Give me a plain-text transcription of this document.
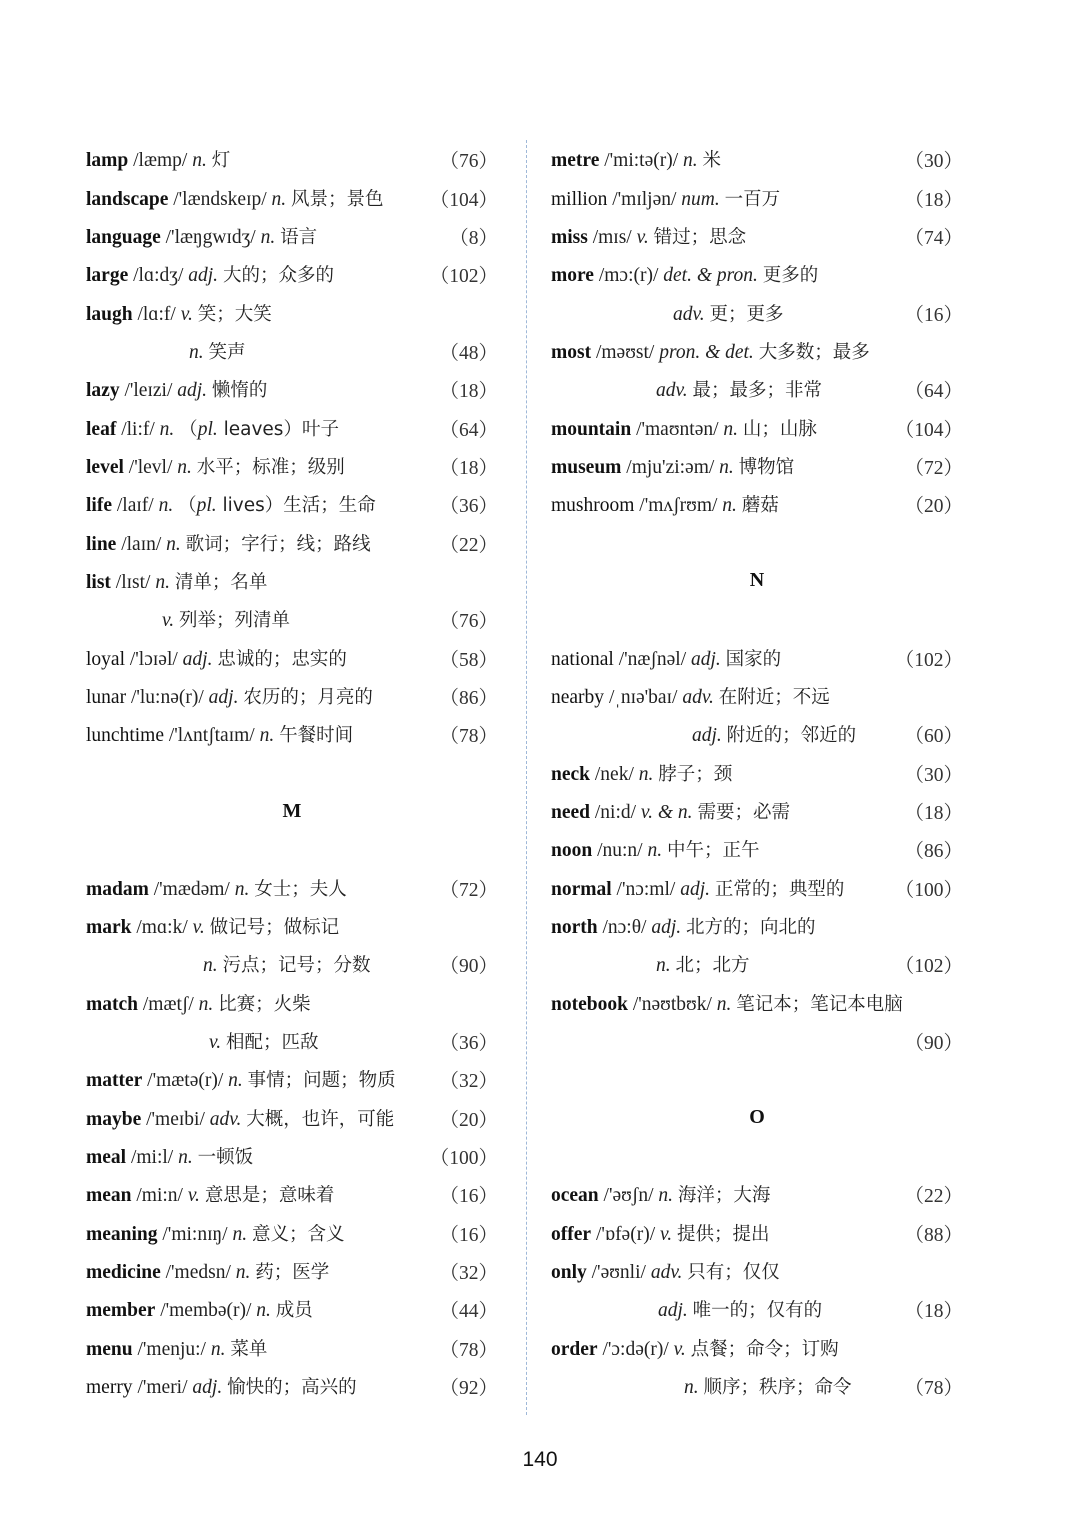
lamp /læmp/ n. 灯	（76）
landscape /'lændskeɪp/ n. 风景；景色	（104）
language /'læŋgwɪdʒ/ n. 语言	（8）
large /lɑ:dʒ/ adj. 大的；众多的	（102）
laugh /lɑ:f/ v. 笑；大笑
n. 笑声	（48）
lazy /'leɪzi/ adj. 懒惰的	（18）
leaf /li:f/ n. （pl. leaves）叶子	（64）
level /'levl/ n. 水平；标准；级别	（18）
life /laɪf/ n. （pl. lives）生活；生命	（36）
line /laɪn/ n. 歌词；字行；线；路线	（22）
list /lɪst/ n. 清单；名单
v. 列举；列清单	（76）
loyal /'lɔɪəl/ adj. 忠诚的；忠实的	（58）
lunar /'lu:nə(r)/ adj. 农历的；月亮的	（86）
lunchtime /'lʌntʃtaɪm/ n. 午餐时间	（78）
M
madam /'mædəm/ n. 女士；夫人	（72）
mark /mɑ:k/ v. 做记号；做标记
n. 污点；记号；分数	（90）
match /mætʃ/ n. 比赛；火柴
v. 相配；匹敌	（36）
matter /'mætə(r)/ n. 事情；问题；物质	（32）
maybe /'meɪbi/ adv. 大概，也许，可能	（20）
meal /mi:l/ n. 一顿饭	（100）
mean /mi:n/ v. 意思是；意味着	（16）
meaning /'mi:nɪŋ/ n. 意义；含义	（16）
medicine /'medsn/ n. 药；医学	（32）
member /'membə(r)/ n. 成员	（44）
menu /'menju:/ n. 菜单	（78）
merry /'meri/ adj. 愉快的；高兴的	（92）
metre /'mi:tə(r)/ n. 米	（30）
million /'mɪljən/ num. 一百万	（18）
miss /mɪs/ v. 错过；思念	（74）
more /mɔ:(r)/ det. & pron. 更多的
adv. 更；更多	（16）
most /məʊst/ pron. & det. 大多数；最多
adv. 最；最多；非常	（64）
mountain /'maʊntən/ n. 山；山脉	（104）
museum /mju'zi:əm/ n. 博物馆	（72）
mushroom /'mʌʃrʊm/ n. 蘑菇	（20）
N
national /'næʃnəl/ adj. 国家的	（102）
nearby /ˌnɪə'baɪ/ adv. 在附近；不远
adj. 附近的；邻近的	（60）
neck /nek/ n. 脖子；颈	（30）
need /ni:d/ v. & n. 需要；必需	（18）
noon /nu:n/ n. 中午；正午	（86）
normal /'nɔ:ml/ adj. 正常的；典型的	（100）
north /nɔ:θ/ adj. 北方的；向北的
n. 北；北方	（102）
notebook /'nəʊtbʊk/ n. 笔记本；笔记本电脑
（90）
O
ocean /'əʊʃn/ n. 海洋；大海	（22）
offer /'ɒfə(r)/ v. 提供；提出	（88）
only /'əʊnli/ adv. 只有；仅仅
adj. 唯一的；仅有的	（18）
order /'ɔ:də(r)/ v. 点餐；命令；订购
n. 顺序；秩序；命令	（78）
140
